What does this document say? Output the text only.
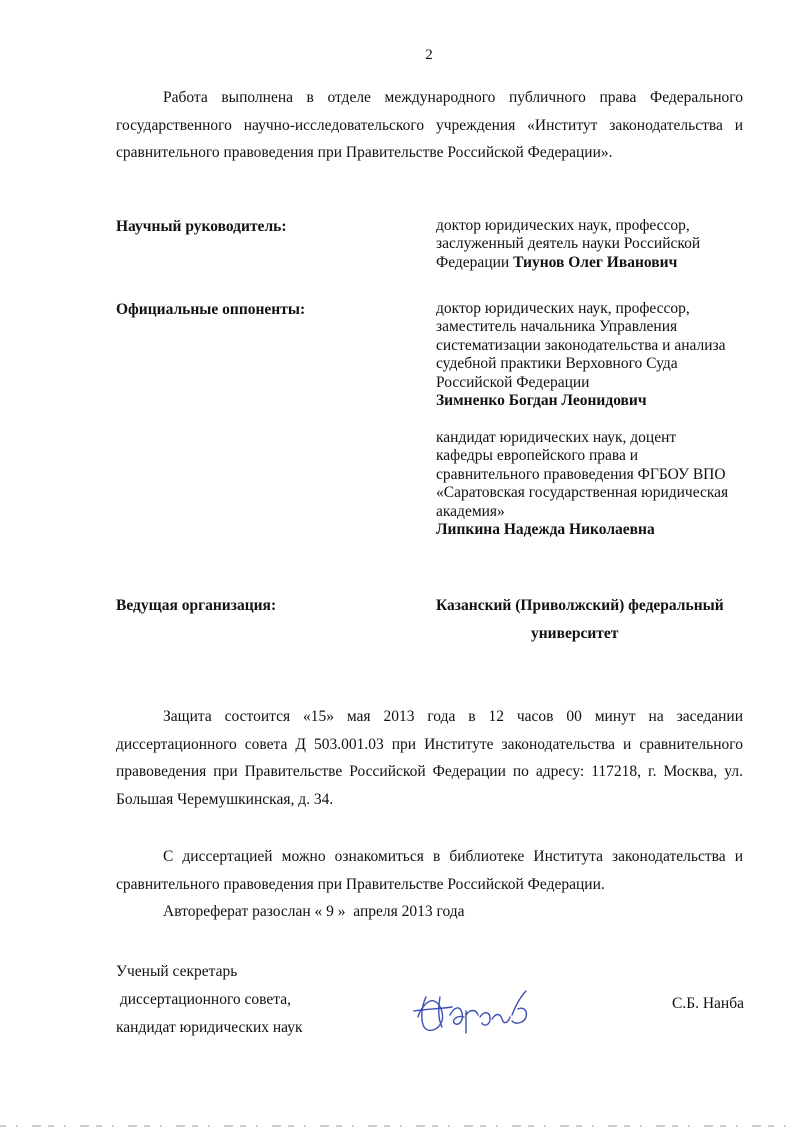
2

Работа выполнена в отделе международного публичного права Федерального государственного научно-исследовательского учреждения «Институт законодательства и сравнительного правоведения при Правительстве Российской Федерации».

Научный руководитель:	доктор юридических наук, профессор,
заслуженный деятель науки Российской
Федерации Тиунов Олег Иванович
Официальные оппоненты:	доктор юридических наук, профессор,
заместитель начальника Управления
систематизации законодательства и анализа
судебной практики Верховного Суда
Российской Федерации
Зимненко Богдан Леонидович
кандидат юридических наук, доцент
кафедры европейского права и
сравнительного правоведения ФГБОУ ВПО
«Саратовская государственная юридическая
академия»
Липкина Надежда Николаевна
Ведущая организация:	Казанский (Приволжский) федеральный
университет

Защита состоится «15» мая 2013 года в 12 часов 00 минут на заседании диссертационного совета Д 503.001.03 при Институте законодательства и сравнительного правоведения при Правительстве Российской Федерации по адресу: 117218, г. Москва, ул. Большая Черемушкинская, д. 34.

С диссертацией можно ознакомиться в библиотеке Института законодательства и сравнительного правоведения при Правительстве Российской Федерации.

Автореферат разослан « 9 »  апреля 2013 года

Ученый секретарь
диссертационного совета,
кандидат юридических наук
С.Б. Нанба
